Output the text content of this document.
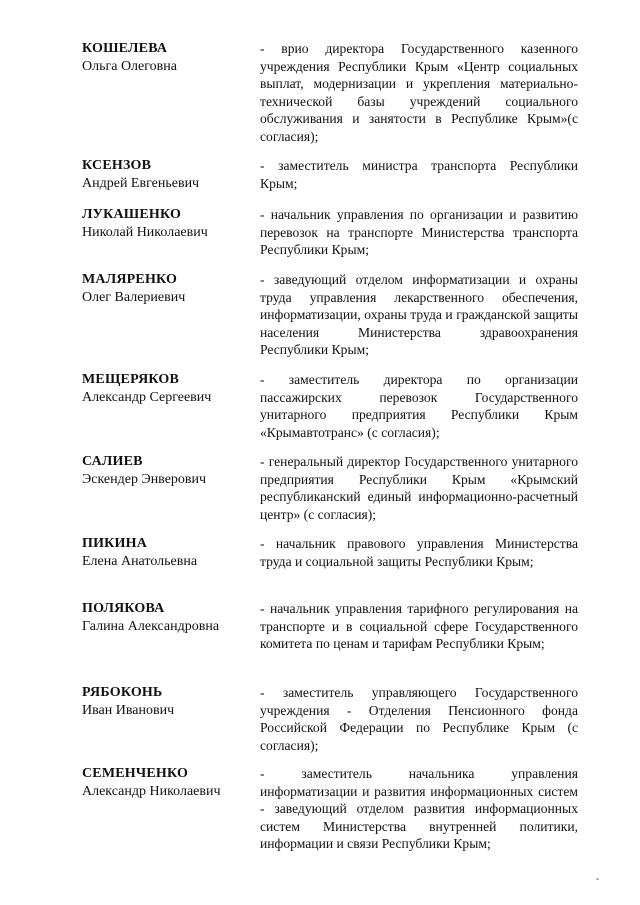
КОШЕЛЕВА
Ольга Олеговна
- врио директора Государственного казенного учреждения Республики Крым «Центр социальных выплат, модернизации и укрепления материально-технической базы учреждений социального обслуживания и занятости в Республике Крым»(с согласия);
КСЕНЗОВ
Андрей Евгеньевич
- заместитель министра транспорта Республики Крым;
ЛУКАШЕНКО
Николай Николаевич
- начальник управления по организации и развитию перевозок на транспорте Министерства транспорта Республики Крым;
МАЛЯРЕНКО
Олег Валериевич
- заведующий отделом информатизации и охраны труда управления лекарственного обеспечения, информатизации, охраны труда и гражданской защиты населения Министерства здравоохранения Республики Крым;
МЕЩЕРЯКОВ
Александр Сергеевич
- заместитель директора по организации пассажирских перевозок Государственного унитарного предприятия Республики Крым «Крымавтотранс» (с согласия);
САЛИЕВ
Эскендер Энверович
- генеральный директор Государственного унитарного предприятия Республики Крым «Крымский республиканский единый информационно-расчетный центр» (с согласия);
ПИКИНА
Елена Анатольевна
- начальник правового управления Министерства труда и социальной защиты Республики Крым;
ПОЛЯКОВА
Галина Александровна
- начальник управления тарифного регулирования на транспорте и в социальной сфере Государственного комитета по ценам и тарифам Республики Крым;
РЯБОКОНЬ
Иван Иванович
- заместитель управляющего Государственного учреждения - Отделения Пенсионного фонда Российской Федерации по Республике Крым (с согласия);
СЕМЕНЧЕНКО
Александр Николаевич
- заместитель начальника управления информатизации и развития информационных систем - заведующий отделом развития информационных систем Министерства внутренней политики, информации и связи Республики Крым;
